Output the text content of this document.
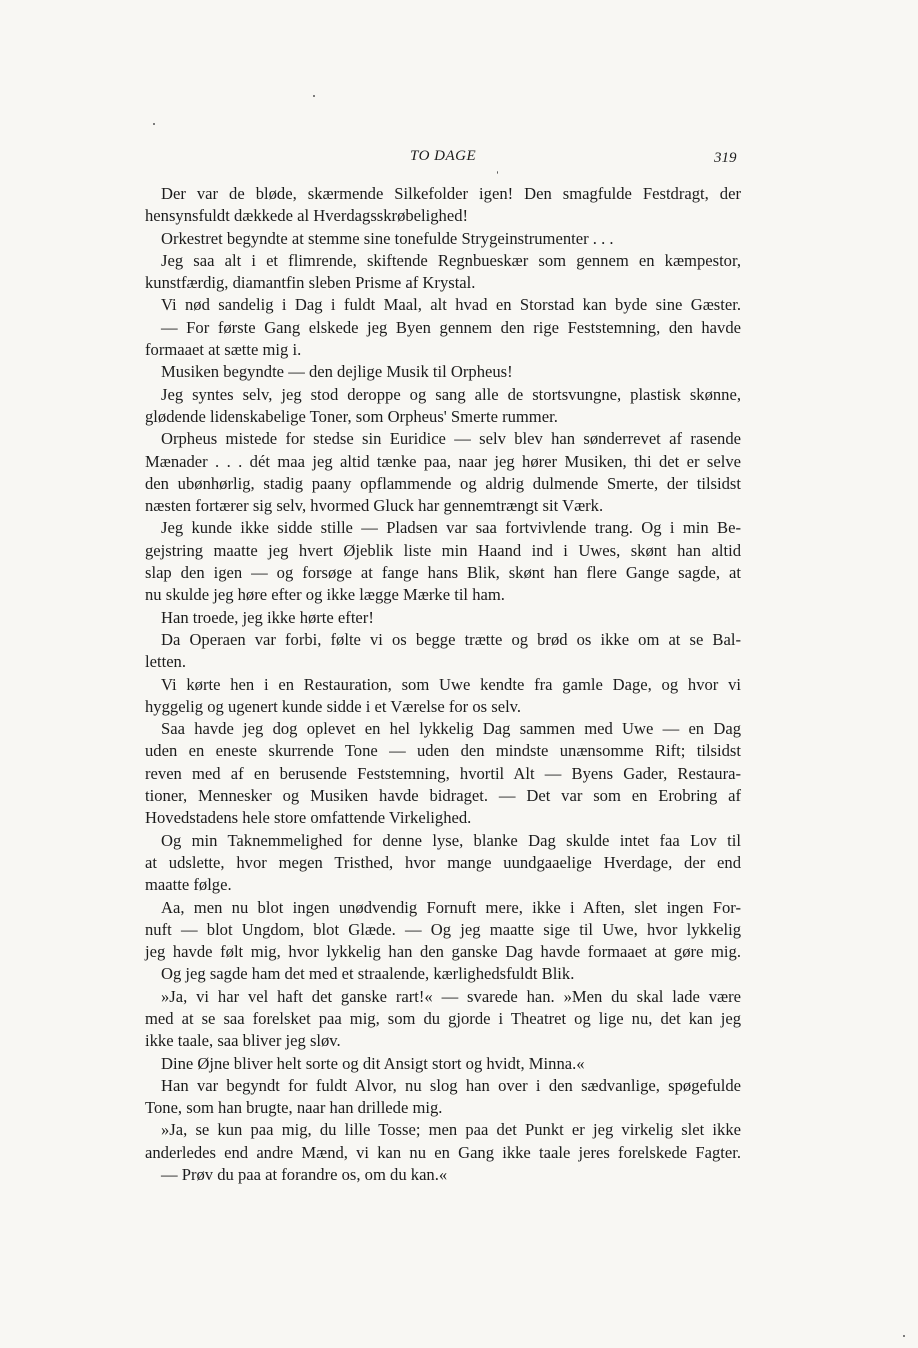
TO DAGE	319
Der var de bløde, skærmende Silkefolder igen! Den smagfulde Festdragt, der
hensynsfuldt dækkede al Hverdagsskrøbelighed!
Orkestret begyndte at stemme sine tonefulde Strygeinstrumenter . . .
Jeg saa alt i et flimrende, skiftende Regnbueskær som gennem en kæmpestor,
kunstfærdig, diamantfin sleben Prisme af Krystal.
Vi nød sandelig i Dag i fuldt Maal, alt hvad en Storstad kan byde sine Gæster.
— For første Gang elskede jeg Byen gennem den rige Feststemning, den havde
formaaet at sætte mig i.
Musiken begyndte — den dejlige Musik til Orpheus!
Jeg syntes selv, jeg stod deroppe og sang alle de stortsvungne, plastisk skønne,
glødende lidenskabelige Toner, som Orpheus' Smerte rummer.
Orpheus mistede for stedse sin Euridice — selv blev han sønderrevet af rasende
Mænader . . . dét maa jeg altid tænke paa, naar jeg hører Musiken, thi det er selve
den ubønhørlig, stadig paany opflammende og aldrig dulmende Smerte, der tilsidst
næsten fortærer sig selv, hvormed Gluck har gennemtrængt sit Værk.
Jeg kunde ikke sidde stille — Pladsen var saa fortvivlende trang. Og i min Be-
gejstring maatte jeg hvert Øjeblik liste min Haand ind i Uwes, skønt han altid
slap den igen — og forsøge at fange hans Blik, skønt han flere Gange sagde, at
nu skulde jeg høre efter og ikke lægge Mærke til ham.
Han troede, jeg ikke hørte efter!
Da Operaen var forbi, følte vi os begge trætte og brød os ikke om at se Bal-
letten.
Vi kørte hen i en Restauration, som Uwe kendte fra gamle Dage, og hvor vi
hyggelig og ugenert kunde sidde i et Værelse for os selv.
Saa havde jeg dog oplevet en hel lykkelig Dag sammen med Uwe — en Dag
uden en eneste skurrende Tone — uden den mindste unænsomme Rift; tilsidst
reven med af en berusende Feststemning, hvortil Alt — Byens Gader, Restaura-
tioner, Mennesker og Musiken havde bidraget. — Det var som en Erobring af
Hovedstadens hele store omfattende Virkelighed.
Og min Taknemmelighed for denne lyse, blanke Dag skulde intet faa Lov til
at udslette, hvor megen Tristhed, hvor mange uundgaaelige Hverdage, der end
maatte følge.
Aa, men nu blot ingen unødvendig Fornuft mere, ikke i Aften, slet ingen For-
nuft — blot Ungdom, blot Glæde. — Og jeg maatte sige til Uwe, hvor lykkelig
jeg havde følt mig, hvor lykkelig han den ganske Dag havde formaaet at gøre mig.
Og jeg sagde ham det med et straalende, kærlighedsfuldt Blik.
»Ja, vi har vel haft det ganske rart!« — svarede han. »Men du skal lade være
med at se saa forelsket paa mig, som du gjorde i Theatret og lige nu, det kan jeg
ikke taale, saa bliver jeg sløv.
Dine Øjne bliver helt sorte og dit Ansigt stort og hvidt, Minna.«
Han var begyndt for fuldt Alvor, nu slog han over i den sædvanlige, spøgefulde
Tone, som han brugte, naar han drillede mig.
»Ja, se kun paa mig, du lille Tosse; men paa det Punkt er jeg virkelig slet ikke
anderledes end andre Mænd, vi kan nu en Gang ikke taale jeres forelskede Fagter.
— Prøv du paa at forandre os, om du kan.«
